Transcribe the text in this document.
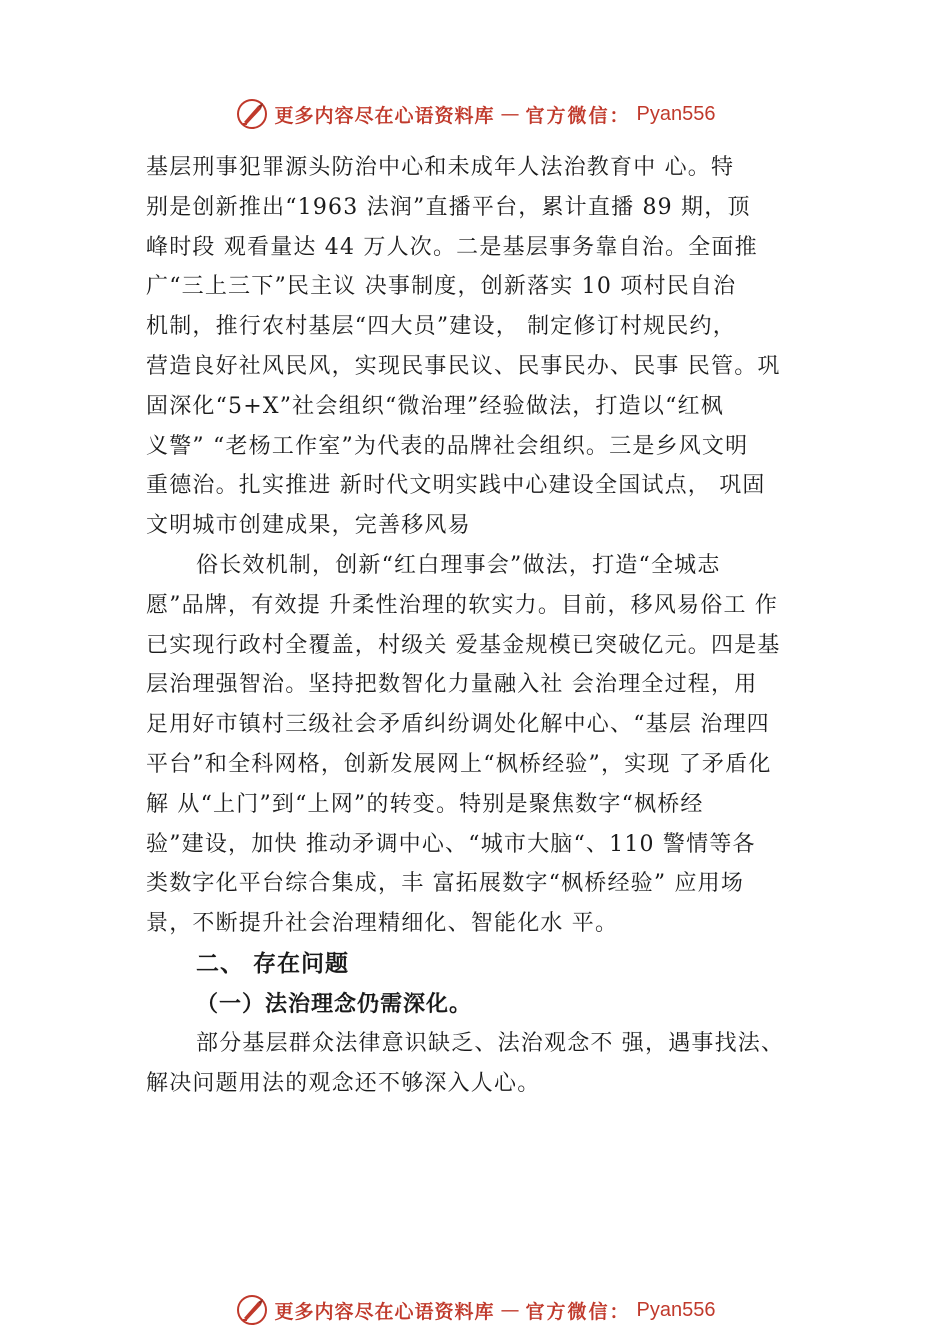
更多内容尽在心语资料库 — 官方微信： Pyan556
基层刑事犯罪源头防治中心和未成年人法治教育中 心。特
别是创新推出“1963 法润”直播平台，累计直播 89 期，顶
峰时段 观看量达 44 万人次。二是基层事务靠自治。全面推
广“三上三下”民主议 决事制度，创新落实 10 项村民自治
机制，推行农村基层“四大员”建设， 制定修订村规民约，
营造良好社风民风，实现民事民议、民事民办、民事 民管。巩
固深化“5+X”社会组织“微治理”经验做法，打造以“红枫
义警” “老杨工作室”为代表的品牌社会组织。三是乡风文明
重德治。扎实推进 新时代文明实践中心建设全国试点， 巩固
文明城市创建成果，完善移风易
俗长效机制，创新“红白理事会”做法，打造“全城志
愿”品牌，有效提 升柔性治理的软实力。目前，移风易俗工 作
已实现行政村全覆盖，村级关 爱基金规模已突破亿元。四是基
层治理强智治。坚持把数智化力量融入社 会治理全过程，用
足用好市镇村三级社会矛盾纠纷调处化解中心、“基层 治理四
平台”和全科网格，创新发展网上“枫桥经验”，实现 了矛盾化
解 从“上门”到“上网”的转变。特别是聚焦数字“枫桥经
验”建设，加快 推动矛调中心、“城市大脑“、110 警情等各
类数字化平台综合集成，丰 富拓展数字“枫桥经验” 应用场
景，不断提升社会治理精细化、智能化水 平。
二、 存在问题
（一）法治理念仍需深化。
部分基层群众法律意识缺乏、法治观念不 强，遇事找法、
解决问题用法的观念还不够深入人心。
更多内容尽在心语资料库 — 官方微信： Pyan556
